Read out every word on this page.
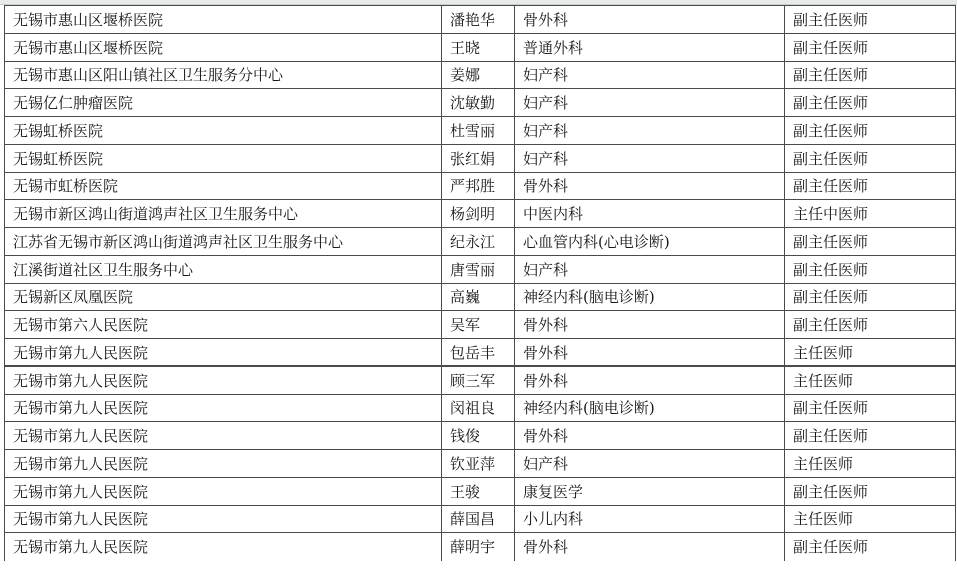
无锡市惠山区堰桥医院	潘艳华	骨外科	副主任医师
无锡市惠山区堰桥医院	王晓	普通外科	副主任医师
无锡市惠山区阳山镇社区卫生服务分中心	姜娜	妇产科	副主任医师
无锡亿仁肿瘤医院	沈敏勤	妇产科	副主任医师
无锡虹桥医院	杜雪丽	妇产科	副主任医师
无锡虹桥医院	张红娟	妇产科	副主任医师
无锡市虹桥医院	严邦胜	骨外科	副主任医师
无锡市新区鸿山街道鸿声社区卫生服务中心	杨剑明	中医内科	主任中医师
江苏省无锡市新区鸿山街道鸿声社区卫生服务中心	纪永江	心血管内科(心电诊断)	副主任医师
江溪街道社区卫生服务中心	唐雪丽	妇产科	副主任医师
无锡新区凤凰医院	高巍	神经内科(脑电诊断)	副主任医师
无锡市第六人民医院	吴军	骨外科	副主任医师
无锡市第九人民医院	包岳丰	骨外科	主任医师
无锡市第九人民医院	顾三军	骨外科	主任医师
无锡市第九人民医院	闵祖良	神经内科(脑电诊断)	副主任医师
无锡市第九人民医院	钱俊	骨外科	副主任医师
无锡市第九人民医院	钦亚萍	妇产科	主任医师
无锡市第九人民医院	王骏	康复医学	副主任医师
无锡市第九人民医院	薛国昌	小儿内科	主任医师
无锡市第九人民医院	薛明宇	骨外科	副主任医师
